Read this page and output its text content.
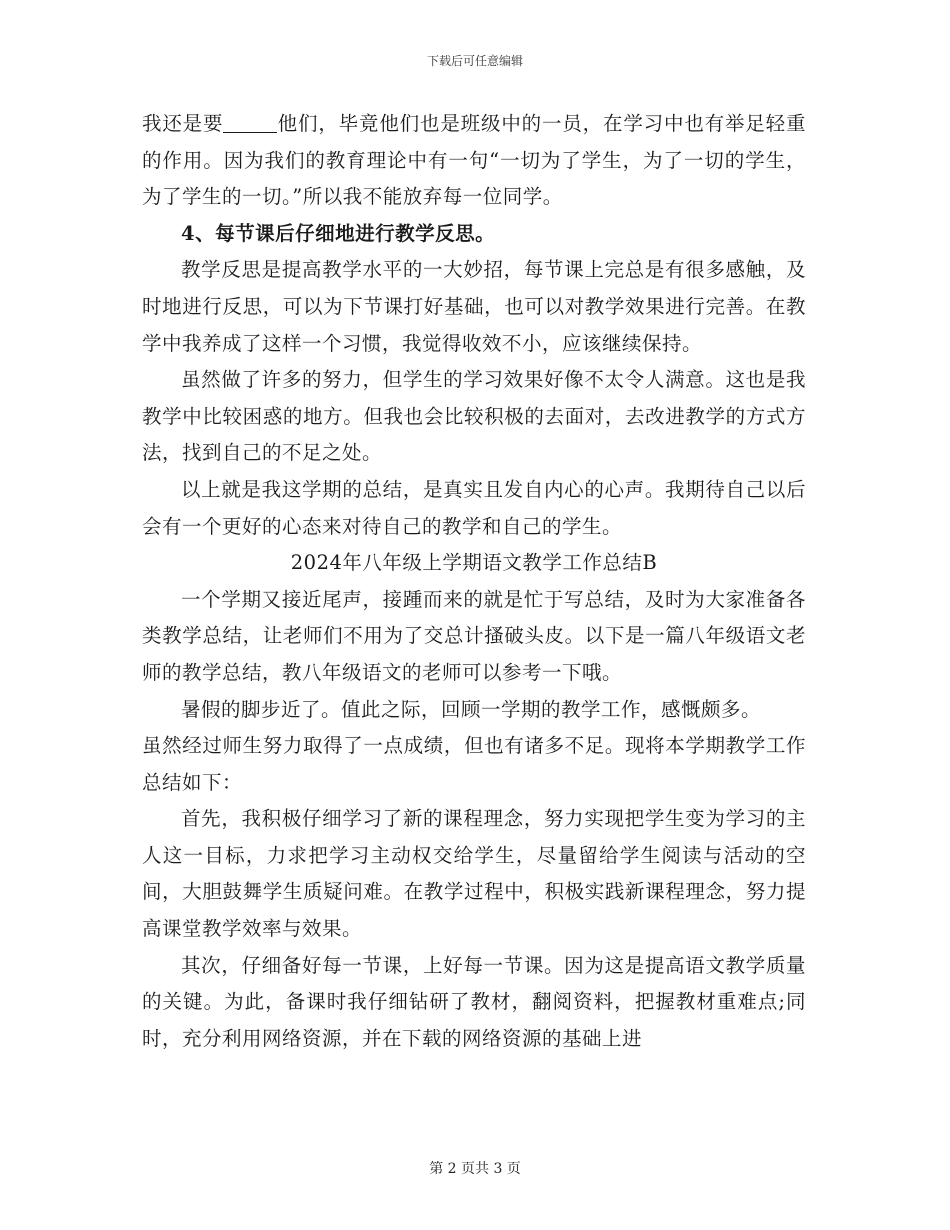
下载后可任意编辑

我还是要	他们，毕竟他们也是班级中的一员，在学习中也有举足轻重的作用。因为我们的教育理论中有一句“一切为了学生，为了一切的学生，为了学生的一切。”所以我不能放弃每一位同学。

4、每节课后仔细地进行教学反思。

教学反思是提高教学水平的一大妙招，每节课上完总是有很多感触，及时地进行反思，可以为下节课打好基础，也可以对教学效果进行完善。在教学中我养成了这样一个习惯，我觉得收效不小，应该继续保持。

虽然做了许多的努力，但学生的学习效果好像不太令人满意。这也是我教学中比较困惑的地方。但我也会比较积极的去面对，去改进教学的方式方法，找到自己的不足之处。

以上就是我这学期的总结，是真实且发自内心的心声。我期待自己以后会有一个更好的心态来对待自己的教学和自己的学生。

2024年八年级上学期语文教学工作总结B

一个学期又接近尾声，接踵而来的就是忙于写总结，及时为大家准备各类教学总结，让老师们不用为了交总计搔破头皮。以下是一篇八年级语文老师的教学总结，教八年级语文的老师可以参考一下哦。

暑假的脚步近了。值此之际，回顾一学期的教学工作，感慨颇多。

虽然经过师生努力取得了一点成绩，但也有诸多不足。现将本学期教学工作总结如下：

首先，我积极仔细学习了新的课程理念，努力实现把学生变为学习的主人这一目标，力求把学习主动权交给学生，尽量留给学生阅读与活动的空间，大胆鼓舞学生质疑问难。在教学过程中，积极实践新课程理念，努力提高课堂教学效率与效果。

其次，仔细备好每一节课，上好每一节课。因为这是提高语文教学质量的关键。为此，备课时我仔细钻研了教材，翻阅资料，把握教材重难点;同时，充分利用网络资源，并在下载的网络资源的基础上进

第 2 页共 3 页
